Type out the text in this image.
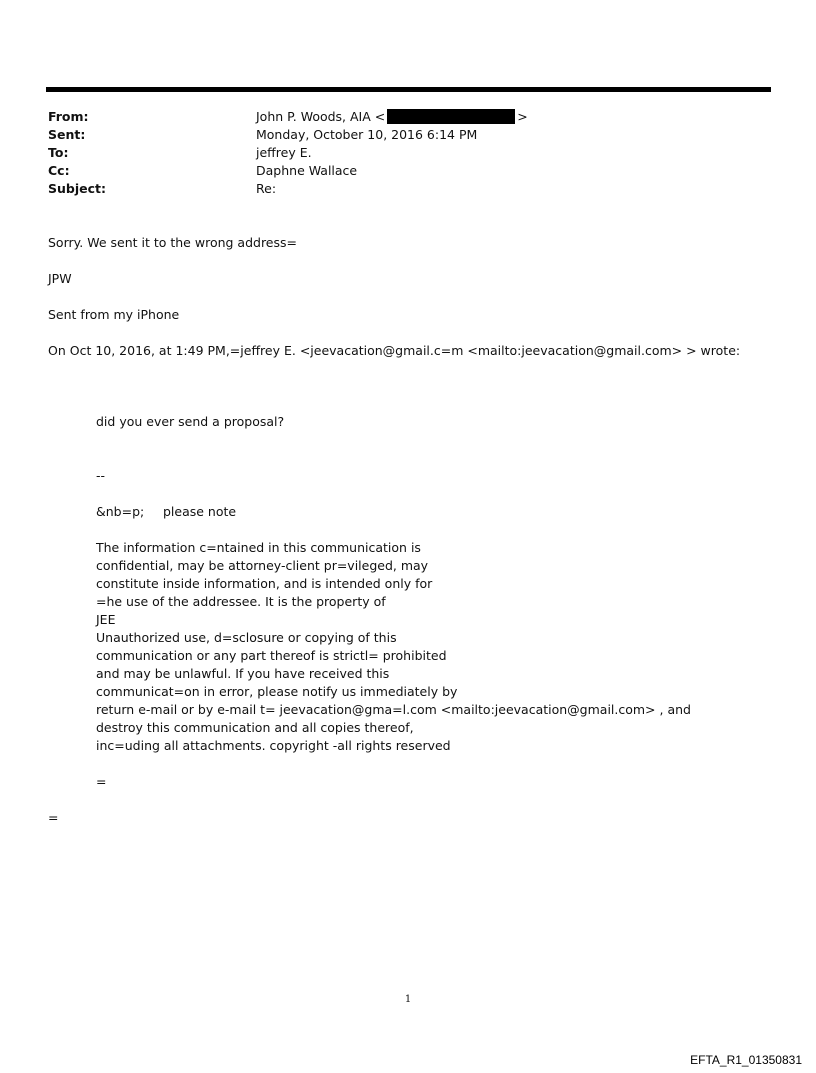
From:	John P. Woods, AIA <	>
Sent:	Monday, October 10, 2016 6:14 PM
To:	jeffrey E.
Cc:	Daphne Wallace
Subject:	Re:
Sorry. We sent it to the wrong address=
JPW
Sent from my iPhone
On Oct 10, 2016, at 1:49 PM,=jeffrey E. <jeevacation@gmail.c=m <mailto:jeevacation@gmail.com> > wrote:
did you ever send a proposal?
--
&nb=p; please note
The information c=ntained in this communication is
confidential, may be attorney-client pr=vileged, may
constitute inside information, and is intended only for
=he use of the addressee. It is the property of
JEE
Unauthorized use, d=sclosure or copying of this
communication or any part thereof is strictl= prohibited
and may be unlawful. If you have received this
communicat=on in error, please notify us immediately by
return e-mail or by e-mail t= jeevacation@gma=l.com <mailto:jeevacation@gmail.com> , and
destroy this communication and all copies thereof,
inc=uding all attachments. copyright -all rights reserved
=
=
1
EFTA_R1_01350831
